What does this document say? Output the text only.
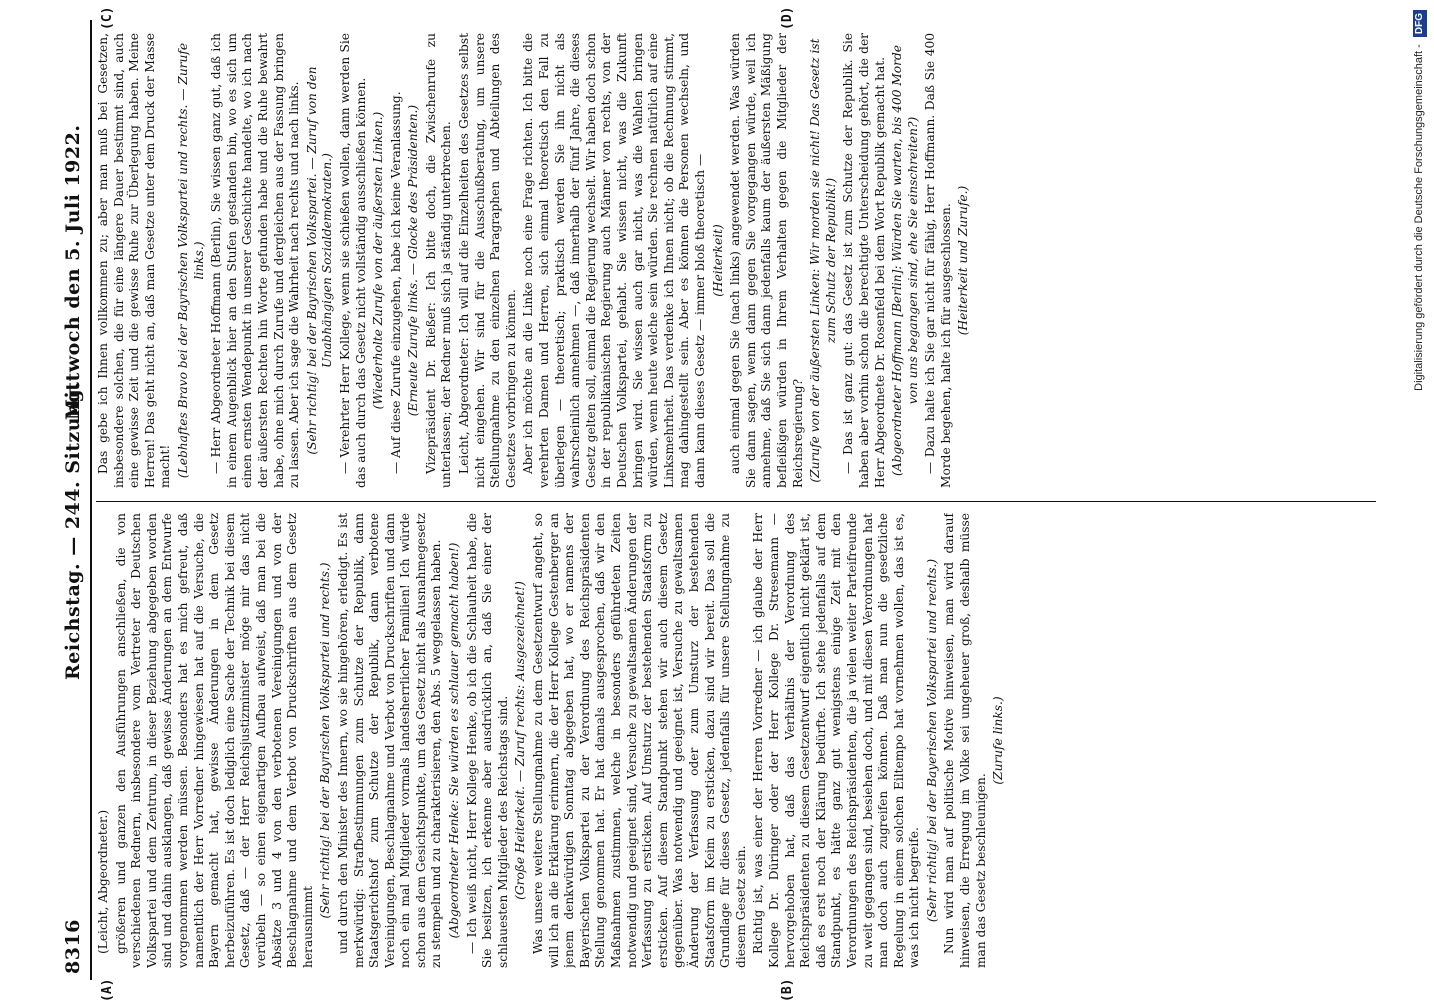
8316
Reichstag. — 244. Sitzung.
Mittwoch den 5. Juli 1922.
(A)	(B)
(C)	(D)

(Leicht, Abgeordneter.) größeren und ganzen den Ausführungen anschließen, die von verschiedenen Rednern, insbesondere vom Vertreter der Deutschen Volkspartei und dem Zentrum, in dieser Beziehung abgegeben worden sind und dahin ausklangen, daß gewisse Änderungen an dem Entwurfe vorgenommen werden müssen. Besonders hat es mich gefreut, daß namentlich der Herr Vorredner hingewiesen hat auf die Versuche, die Bayern gemacht hat, gewisse Änderungen in dem Gesetz herbeizuführen. Es ist doch lediglich eine Sache der Technik bei diesem Gesetz, daß — der Herr Reichsjustizminister möge mir das nicht verübeln — so einen eigenartigen Aufbau aufweist, daß man bei die Absätze 3 und 4 von den verbotenen Vereinigungen und von der Beschlagnahme und dem Verbot von Druckschriften aus dem Gesetz herausnimmt

(Sehr richtig! bei der Bayrischen Volkspartei und rechts.) und durch den Minister des Innern, wo sie hingehören, erledigt. Es ist merkwürdig: Strafbestimmungen zum Schutze der Republik, dann Staatsgerichtshof zum Schutze der Republik, dann verbotene Vereinigungen, Beschlagnahme und Verbot von Druckschriften und dann noch ein mal Mitglieder vormals landesherrlicher Familien! Ich würde schon aus dem Gesichtspunkte, um das Gesetz nicht als Ausnahmegesetz zu stempeln und zu charakterisieren, den Abs. 5 weggelassen haben. (Abgeordneter Henke: Sie würden es schlauer gemacht haben!) — Ich weiß nicht, Herr Kollege Henke, ob ich die Schlauheit habe, die Sie besitzen, ich erkenne aber ausdrücklich an, daß Sie einer der schlauesten Mitglieder des Reichstags sind. (Große Heiterkeit. — Zuruf rechts: Ausgezeichnet!) Was unsere weitere Stellungnahme zu dem Gesetzentwurf angeht, so will ich an die Erklärung erinnern, die der Herr Kollege Gestenberger an jenem denkwürdigen Sonntag abgegeben hat, wo er namens der Bayerischen Volkspartei zu der Verordnung des Reichspräsidenten Stellung genommen hat. Er hat damals ausgesprochen, daß wir den Maßnahmen zustimmen, welche in besonders geführdeten Zeiten notwendig und geeignet sind, Versuche zu gewaltsamen Änderungen der Verfassung zu ersticken. Auf Umsturz der bestehenden Staatsform zu ersticken. Auf diesem Standpunkt stehen wir auch diesem Gesetz gegenüber. Was notwendig und geeignet ist, Versuche zu gewaltsamen Änderung der Verfassung oder zum Umsturz der bestehenden Staatsform im Keim zu ersticken, dazu sind wir bereit. Das soll die Grundlage für dieses Gesetz, jedenfalls für unsere Stellungnahme zu diesem Gesetz sein. Richtig ist, was einer der Herren Vorredner — ich glaube der Herr Kollege Dr. Düringer oder der Herr Kollege Dr. Stresemann — hervorgehoben hat, daß das Verhältnis der Verordnung des Reichspräsidenten zu diesem Gesetzentwurf eigentlich nicht geklärt ist, daß es erst noch der Klärung bedürfte. Ich stehe jedenfalls auf dem Standpunkt, es hätte ganz gut wenigstens einige Zeit mit den Verordnungen des Reichspräsidenten, die ja vielen weiter Parteifreunde zu weit gegangen sind, besiehen doch, und mit diesen Verordnungen hat man doch auch zugreifen können. Daß man nun die gesetzliche Regelung in einem solchen Eiltempo hat vornehmen wollen, das ist es, was ich nicht begreife. (Sehr richtig! bei der Bayerischen Volkspartei und rechts.) Nun wird man auf politische Motive hinweisen, man wird darauf hinweisen, die Erregung im Volke sei ungeheuer groß, deshalb müsse man das Gesetz beschleunigen.

(Zurufe links.)

Das gebe ich Ihnen vollkommen zu; aber man muß bei Gesetzen, insbesondere solchen, die für eine längere Dauer bestimmt sind, auch eine gewisse Zeit und die gewisse Ruhe zur Überlegung haben. Meine Herren! Das geht nicht an, daß man Gesetze unter dem Druck der Masse macht! (Lebhaftes Bravo bei der Bayrischen Volkspartei und rechts. — Zurufe links.) — Herr Abgeordneter Hoffmann (Berlin), Sie wissen ganz gut, daß ich in einem Augenblick hier an den Stufen gestanden bin, wo es sich um einen ernsten Wendepunkt in unserer Geschichte handelte, wo ich nach der äußersten Rechten hin Worte gefunden habe und die Ruhe bewahrt habe, ohne mich durch Zurufe und dergleichen aus der Fassung bringen zu lassen. Aber ich sage die Wahrheit nach rechts und nach links. (Sehr richtig! bei der Bayrischen Volkspartei. — Zuruf von den Unabhängigen Sozialdemokraten.) — Verehrter Herr Kollege, wenn sie schießen wollen, dann werden Sie das auch durch das Gesetz nicht vollständig ausschließen können. (Wiederholte Zurufe von der äußersten Linken.) — Auf diese Zurufe einzugehen, habe ich keine Veranlassung. (Erneute Zurufe links. — Glocke des Präsidenten.) Vizepräsident Dr. Rießer: Ich bitte doch, die Zwischenrufe zu unterlassen; der Redner muß sich ja ständig unterbrechen. Leicht, Abgeordneter: Ich will auf die Einzelheiten des Gesetzes selbst nicht eingehen. Wir sind für die Ausschußberatung, um unsere Stellungnahme zu den einzelnen Paragraphen und Abteilungen des Gesetzes vorbringen zu können. Aber ich möchte an die Linke noch eine Frage richten. Ich bitte die verehrten Damen und Herren, sich einmal theoretisch den Fall zu überlegen — theoretisch; praktisch werden Sie ihn nicht als wahrscheinlich annehmen —, daß innerhalb der fünf Jahre, die dieses Gesetz gelten soll, einmal die Regierung wechselt. Wir haben doch schon in der republikanischen Regierung auch Männer von rechts, von der Deutschen Volkspartei, gehabt. Sie wissen nicht, was die Zukunft bringen wird. Sie wissen auch gar nicht, was die Wahlen bringen würden, wenn heute welche sein würden. Sie rechnen natürlich auf eine Linksmehrheit. Das verdenke ich Ihnen nicht; ob die Rechnung stimmt, mag dahingestellt sein. Aber es können die Personen wechseln, und dann kann dieses Gesetz — immer bloß theoretisch — (Heiterkeit) auch einmal gegen Sie (nach links) angewendet werden. Was würden Sie dann sagen, wenn dann gegen Sie vorgegangen würde, weil ich annehme, daß Sie sich dann jedenfalls kaum der äußersten Mäßigung befleißigen würden in Ihrem Verhalten gegen die Mitglieder der Reichsregierung? (Zurufe von der äußersten Linken: Wir morden sie nicht! Das Gesetz ist zum Schutz der Republik!) — Das ist ganz gut: das Gesetz ist zum Schutze der Republik. Sie haben aber vorhin schon die berechtigte Unterscheidung gehört, die der Herr Abgeordnete Dr. Rosenfeld bei dem Wort Republik gemacht hat. (Abgeordneter Hoffmann [Berlin]: Würden Sie warten, bis 400 Morde von uns begangen sind, ehe Sie einschreiten?) — Dazu halte ich Sie gar nicht für fähig, Herr Hoffmann. Daß Sie 400 Morde begehen, halte ich für ausgeschlossen. (Heiterkeit und Zurufe.)	Digitalisierung gefördert durch die Deutsche Forschungsgemeinschaft - DFG
